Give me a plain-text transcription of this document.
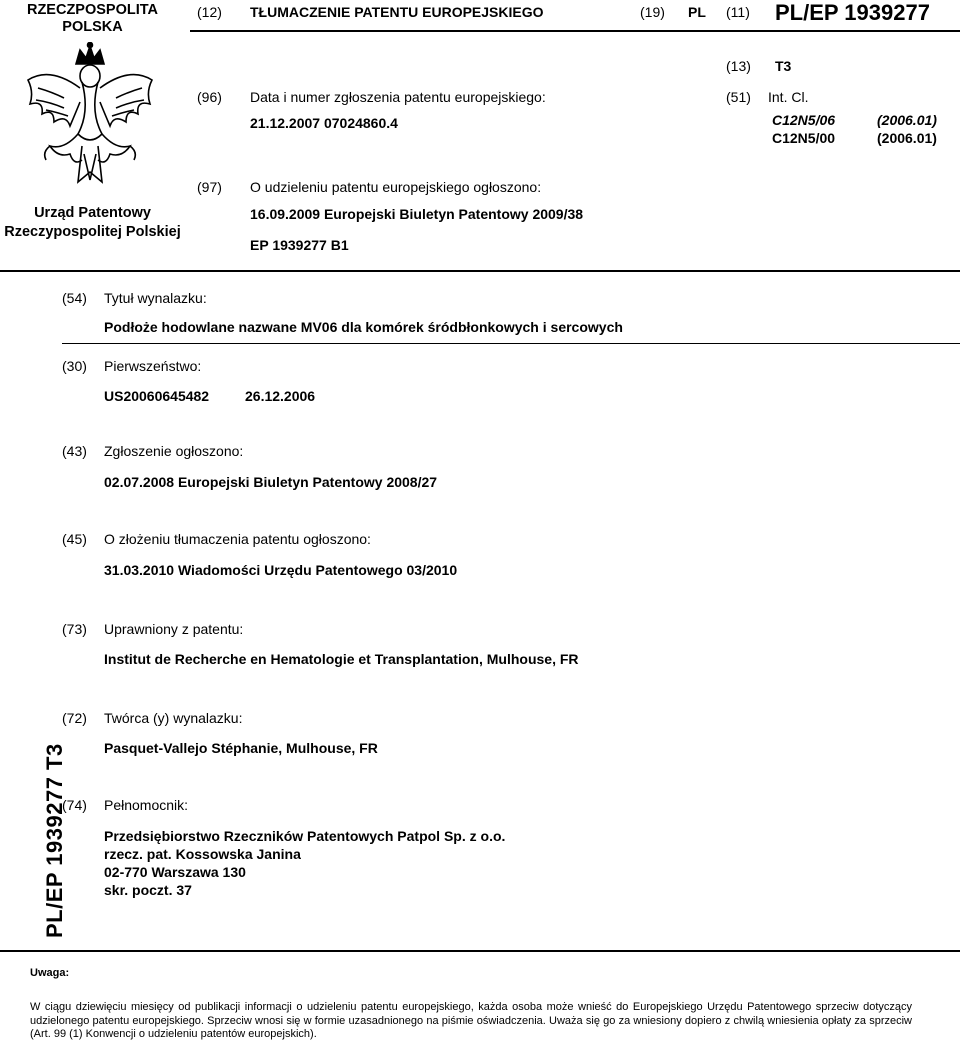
RZECZPOSPOLITA POLSKA
(12) TŁUMACZENIE PATENTU EUROPEJSKIEGO	(19) PL (11) PL/EP 1939277
Urząd Patentowy Rzeczypospolitej Polskiej
(13) T3
(96) Data i numer zgłoszenia patentu europejskiego:
21.12.2007 07024860.4
(51) Int. Cl.
C12N5/06	(2006.01)
C12N5/00	(2006.01)
(97) O udzieleniu patentu europejskiego ogłoszono:
16.09.2009 Europejski Biuletyn Patentowy 2009/38
EP 1939277 B1
(54) Tytuł wynalazku:
Podłoże hodowlane nazwane MV06 dla komórek śródbłonkowych i sercowych
(30) Pierwszeństwo:
US20060645482	26.12.2006
(43) Zgłoszenie ogłoszono:
02.07.2008 Europejski Biuletyn Patentowy 2008/27
(45) O złożeniu tłumaczenia patentu ogłoszono:
31.03.2010 Wiadomości Urzędu Patentowego 03/2010
(73) Uprawniony z patentu:
Institut de Recherche en Hematologie et Transplantation, Mulhouse, FR
PL/EP 1939277 T3
(72) Twórca (y) wynalazku:
Pasquet-Vallejo Stéphanie, Mulhouse, FR
(74) Pełnomocnik:
Przedsiębiorstwo Rzeczników Patentowych Patpol Sp. z o.o.
rzecz. pat. Kossowska Janina
02-770 Warszawa 130
skr. poczt. 37
Uwaga:
W ciągu dziewięciu miesięcy od publikacji informacji o udzieleniu patentu europejskiego, każda osoba może wnieść do Europejskiego Urzędu Patentowego sprzeciw dotyczący udzielonego patentu europejskiego. Sprzeciw wnosi się w formie uzasadnionego na piśmie oświadczenia. Uważa się go za wniesiony dopiero z chwilą wniesienia opłaty za sprzeciw (Art. 99 (1) Konwencji o udzieleniu patentów europejskich).
